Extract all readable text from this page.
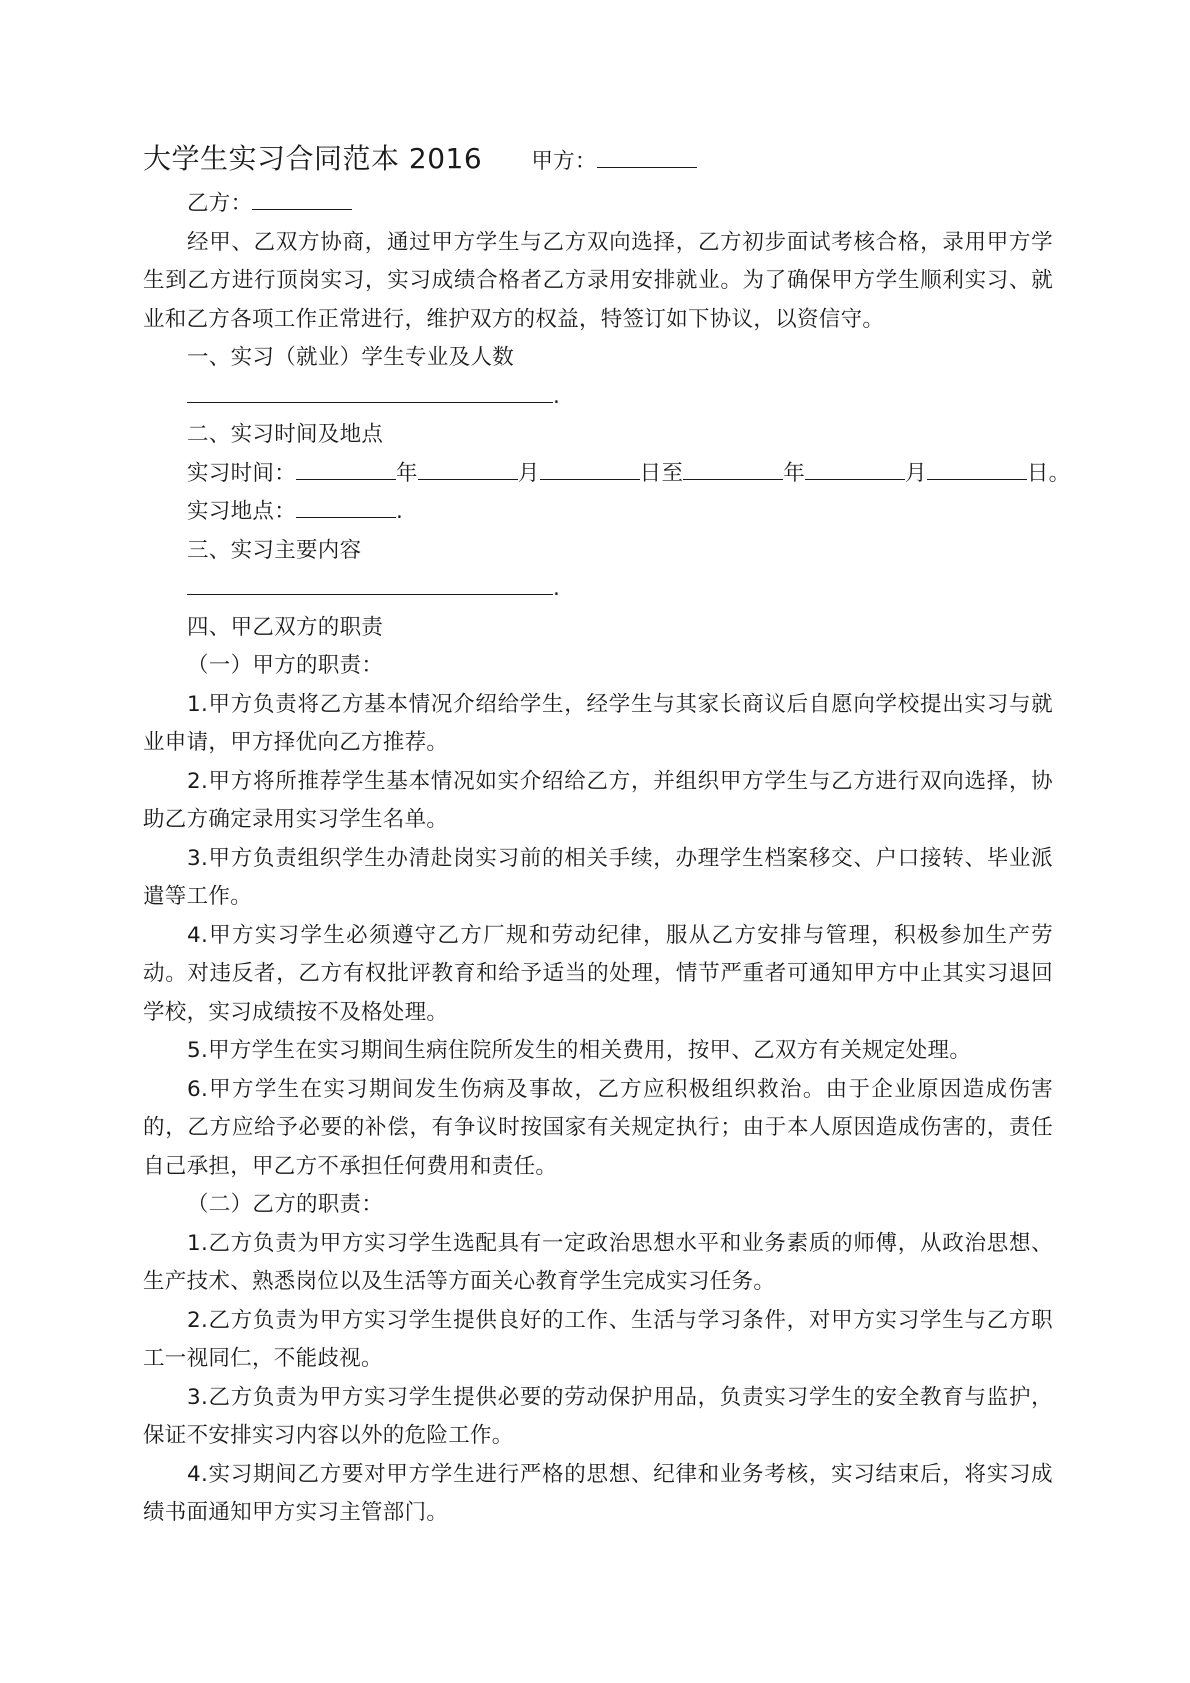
大学生实习合同范本 2016 甲方：

乙方：

经甲、乙双方协商，通过甲方学生与乙方双向选择，乙方初步面试考核合格，录用甲方学生到乙方进行顶岗实习，实习成绩合格者乙方录用安排就业。为了确保甲方学生顺利实习、就业和乙方各项工作正常进行，维护双方的权益，特签订如下协议，以资信守。

一、实习（就业）学生专业及人数

.

二、实习时间及地点

实习时间：	年	月	日至	年	月	日。

实习地点：	.

三、实习主要内容

.

四、甲乙双方的职责

（一）甲方的职责：

1.甲方负责将乙方基本情况介绍给学生，经学生与其家长商议后自愿向学校提出实习与就业申请，甲方择优向乙方推荐。

2.甲方将所推荐学生基本情况如实介绍给乙方，并组织甲方学生与乙方进行双向选择，协助乙方确定录用实习学生名单。

3.甲方负责组织学生办清赴岗实习前的相关手续，办理学生档案移交、户口接转、毕业派遣等工作。

4.甲方实习学生必须遵守乙方厂规和劳动纪律，服从乙方安排与管理，积极参加生产劳动。对违反者，乙方有权批评教育和给予适当的处理，情节严重者可通知甲方中止其实习退回学校，实习成绩按不及格处理。

5.甲方学生在实习期间生病住院所发生的相关费用，按甲、乙双方有关规定处理。

6.甲方学生在实习期间发生伤病及事故，乙方应积极组织救治。由于企业原因造成伤害的，乙方应给予必要的补偿，有争议时按国家有关规定执行；由于本人原因造成伤害的，责任自己承担，甲乙方不承担任何费用和责任。

（二）乙方的职责：

1.乙方负责为甲方实习学生选配具有一定政治思想水平和业务素质的师傅，从政治思想、生产技术、熟悉岗位以及生活等方面关心教育学生完成实习任务。

2.乙方负责为甲方实习学生提供良好的工作、生活与学习条件，对甲方实习学生与乙方职工一视同仁，不能歧视。

3.乙方负责为甲方实习学生提供必要的劳动保护用品，负责实习学生的安全教育与监护，保证不安排实习内容以外的危险工作。

4.实习期间乙方要对甲方学生进行严格的思想、纪律和业务考核，实习结束后，将实习成绩书面通知甲方实习主管部门。
